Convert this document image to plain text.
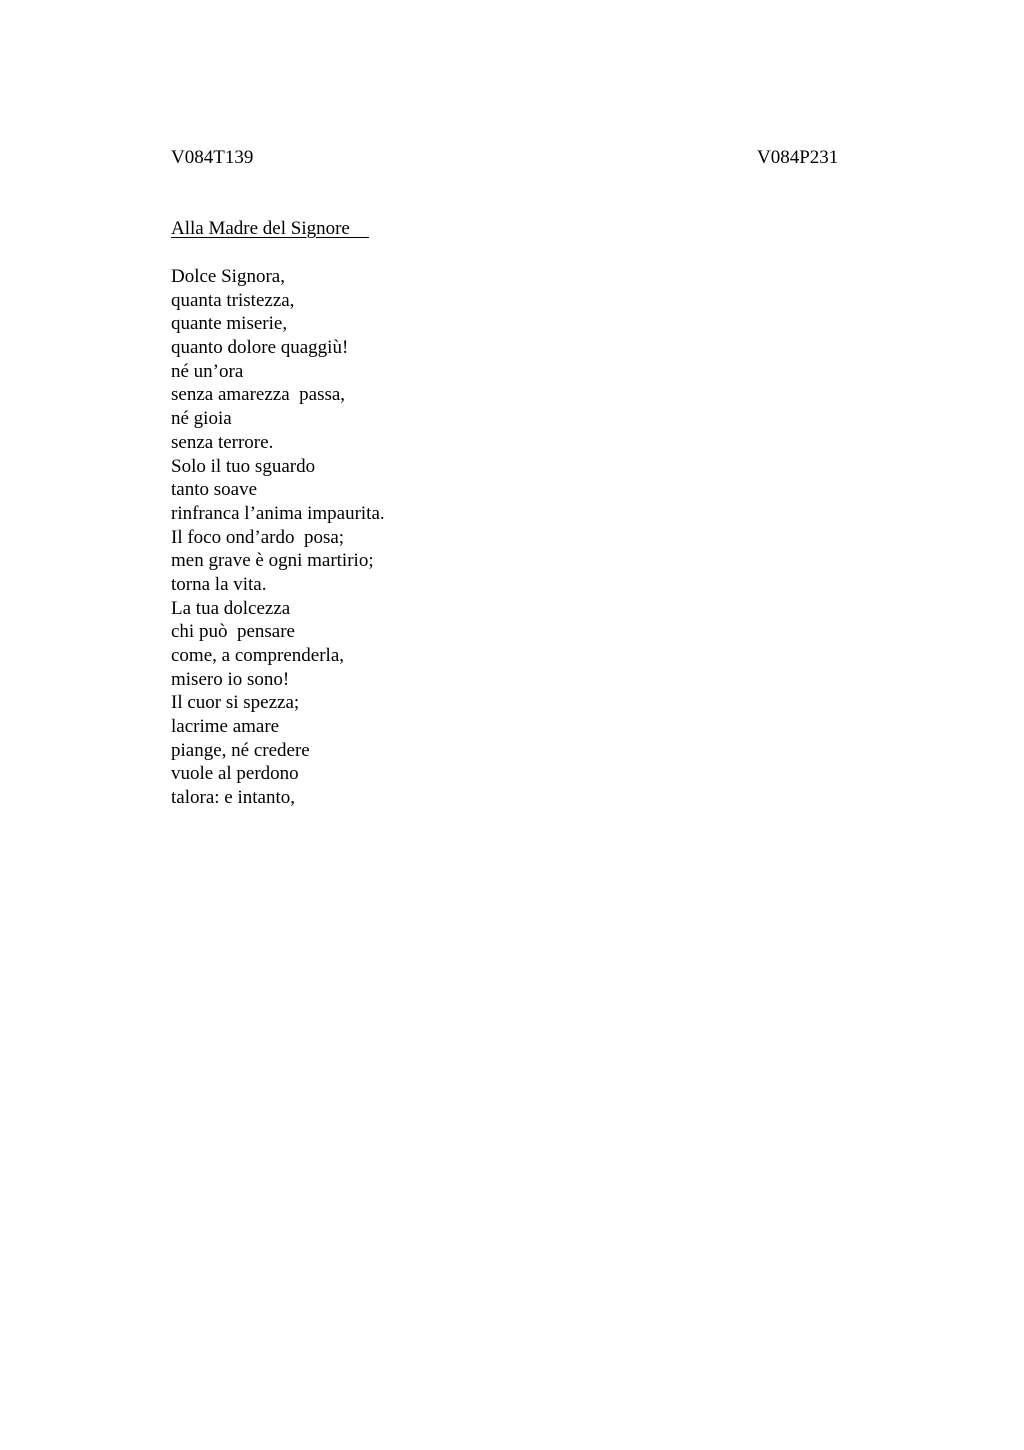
V084T139	V084P231
Alla Madre del Signore
Dolce Signora,
quanta tristezza,
quante miserie,
quanto dolore quaggiù!
né un’ora
senza amarezza  passa,
né gioia
senza terrore.
Solo il tuo sguardo
tanto soave
rinfranca l’anima impaurita.
Il foco ond’ardo  posa;
men grave è ogni martirio;
torna la vita.
La tua dolcezza
chi può  pensare
come, a comprenderla,
misero io sono!
Il cuor si spezza;
lacrime amare
piange, né credere
vuole al perdono
talora: e intanto,
